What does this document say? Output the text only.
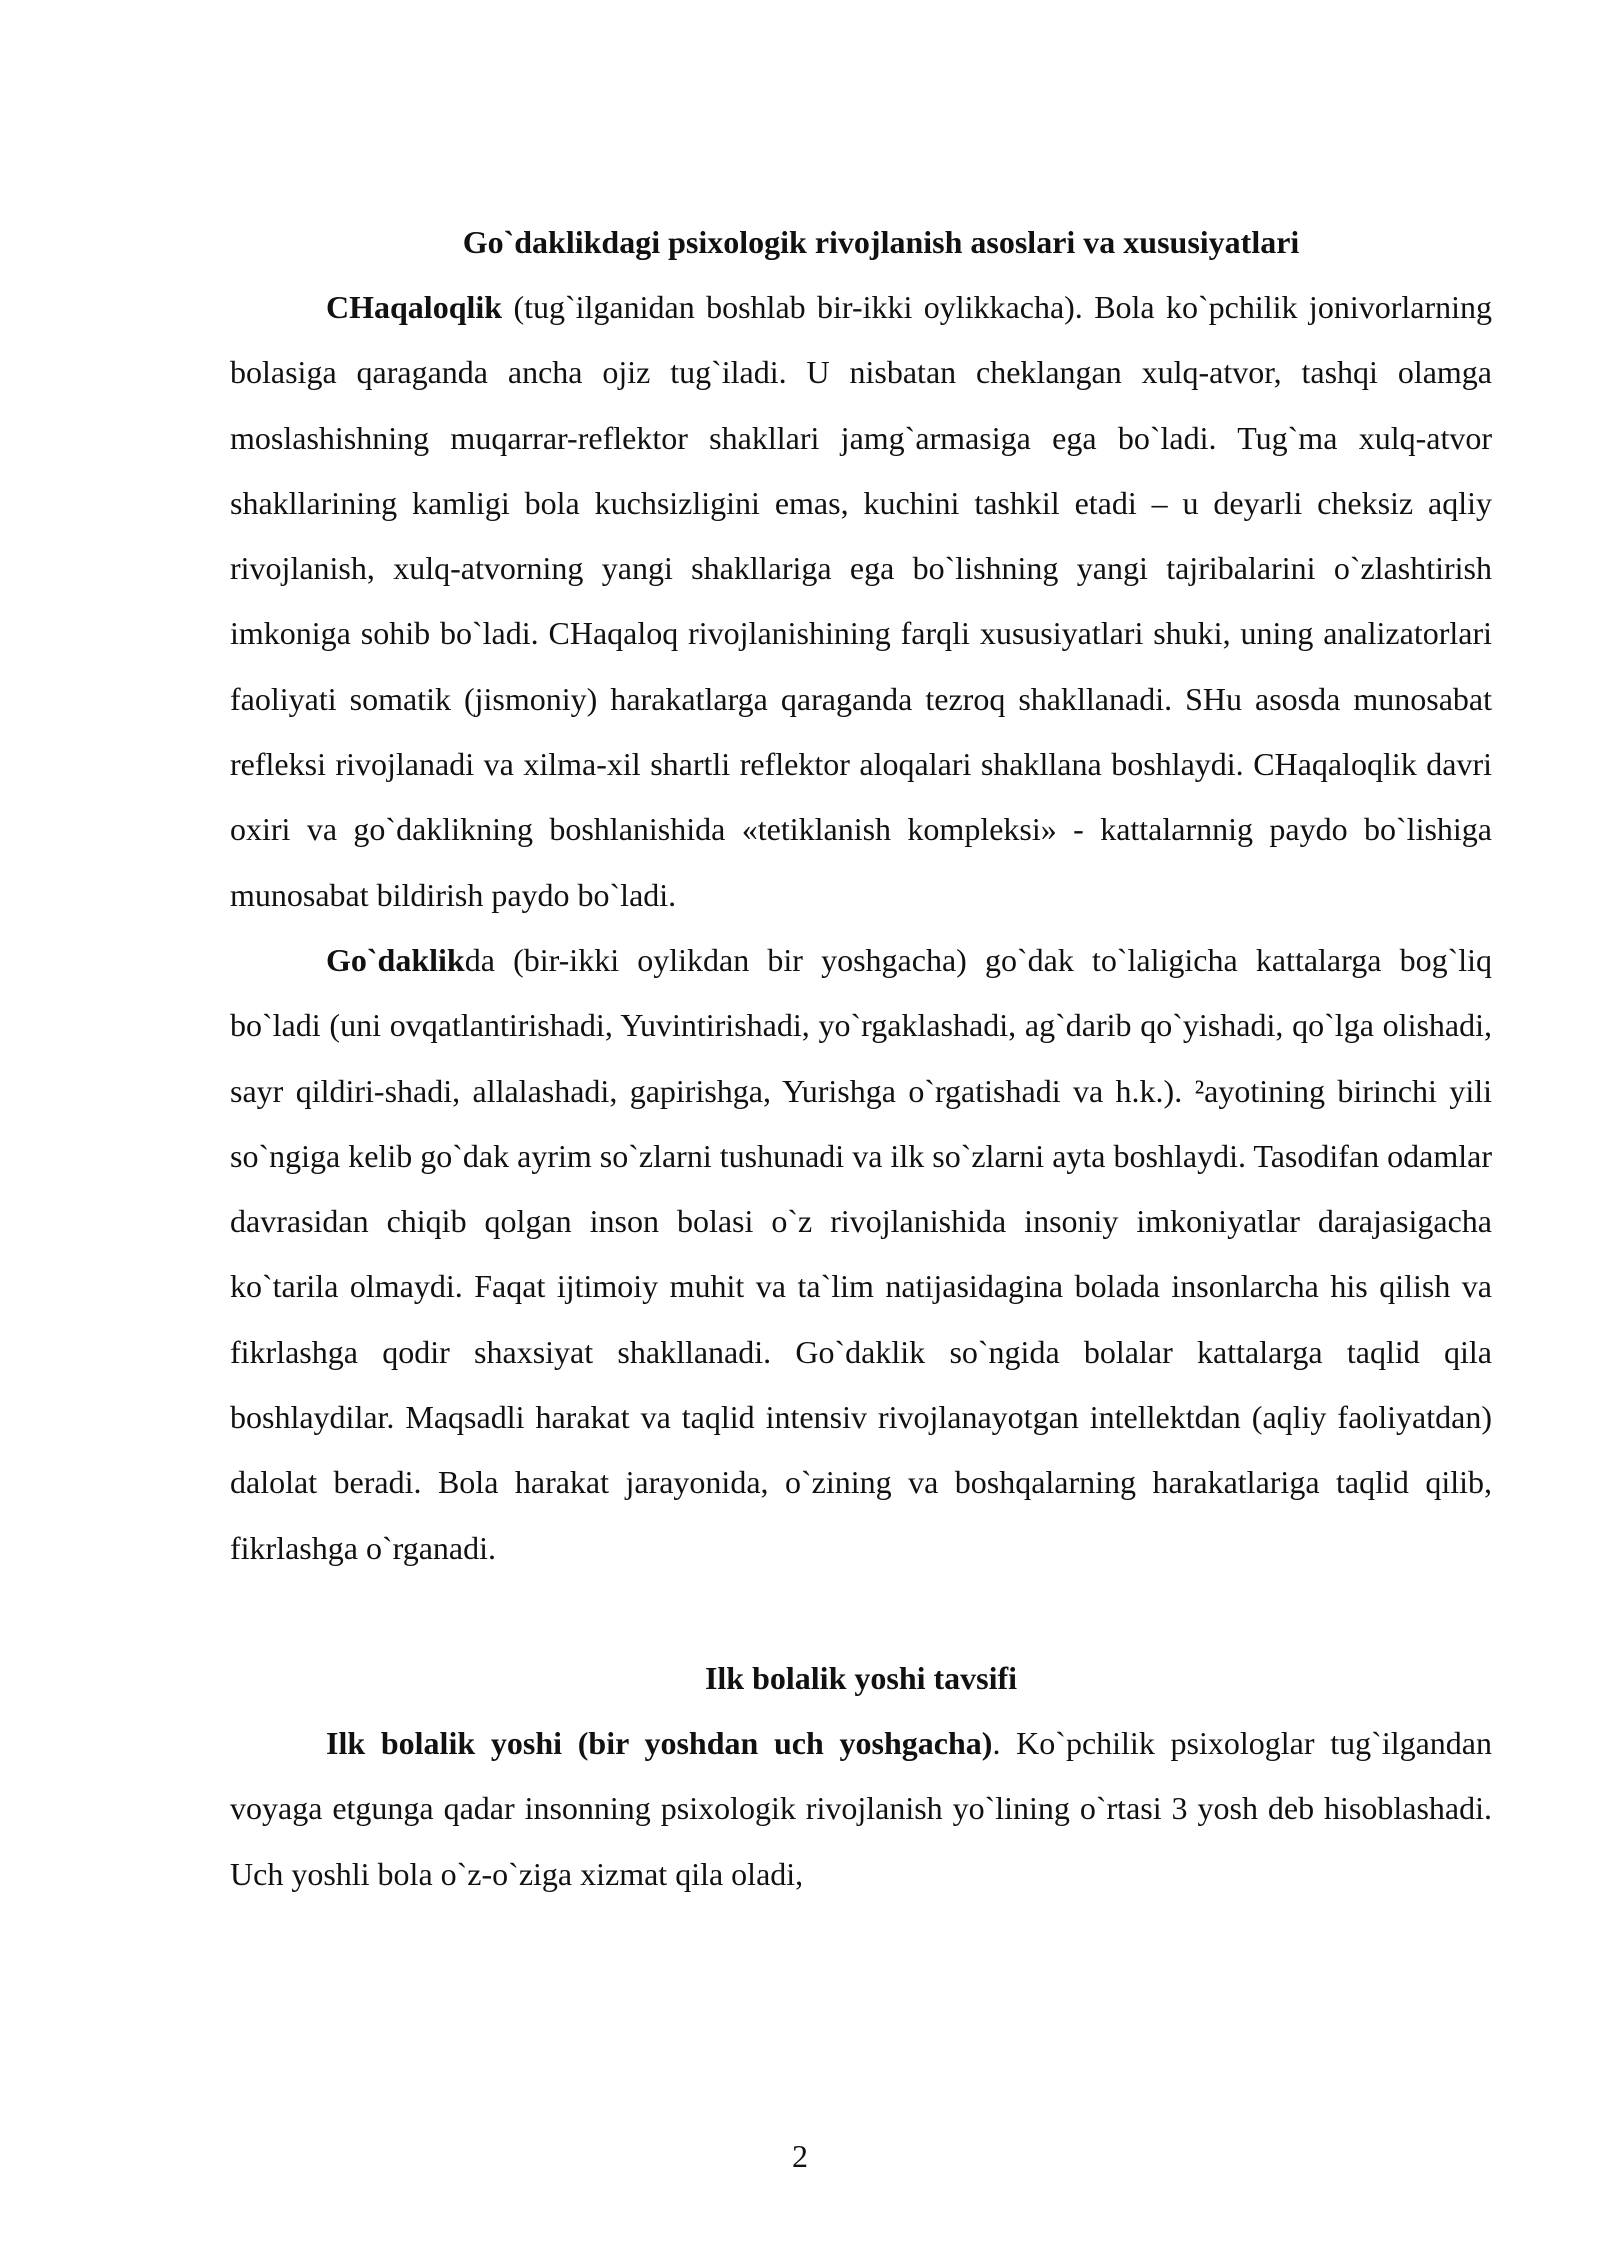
Go`daklikdagi psixologik rivojlanish asoslari va xususiyatlari

CHaqaloqlik (tug`ilganidan boshlab bir-ikki oylikkacha). Bola ko`pchilik jonivorlarning bolasiga qaraganda ancha ojiz tug`iladi. U nisbatan cheklangan xulq-atvor, tashqi olamga moslashishning muqarrar-reflektor shakllari jamg`armasiga ega bo`ladi. Tug`ma xulq-atvor shakllarining kamligi bola kuchsizligini emas, kuchini tashkil etadi – u deyarli cheksiz aqliy rivojlanish, xulq-atvorning yangi shakllariga ega bo`lishning yangi tajribalarini o`zlashtirish imkoniga sohib bo`ladi. CHaqaloq rivojlanishining farqli xususiyatlari shuki, uning analizatorlari faoliyati somatik (jismoniy) harakatlarga qaraganda tezroq shakllanadi. SHu asosda munosabat refleksi rivojlanadi va xilma-xil shartli reflektor aloqalari shakllana boshlaydi. CHaqaloqlik davri oxiri va go`daklikning boshlanishida «tetiklanish kompleksi» - kattalarnnig paydo bo`lishiga munosabat bildirish paydo bo`ladi.

Go`daklikda (bir-ikki oylikdan bir yoshgacha) go`dak to`laligicha kattalarga bog`liq bo`ladi (uni ovqatlantirishadi, Yuvintirishadi, yo`rgaklashadi, ag`darib qo`yishadi, qo`lga olishadi, sayr qildiri-shadi, allalashadi, gapirishga, Yurishga o`rgatishadi va h.k.). ²ayotining birinchi yili so`ngiga kelib go`dak ayrim so`zlarni tushunadi va ilk so`zlarni ayta boshlaydi. Tasodifan odamlar davrasidan chiqib qolgan inson bolasi o`z rivojlanishida insoniy imkoniyatlar darajasigacha ko`tarila olmaydi. Faqat ijtimoiy muhit va ta`lim natijasidagina bolada insonlarcha his qilish va fikrlashga qodir shaxsiyat shakllanadi. Go`daklik so`ngida bolalar kattalarga taqlid qila boshlaydilar. Maqsadli harakat va taqlid intensiv rivojlanayotgan intellektdan (aqliy faoliyatdan) dalolat beradi. Bola harakat jarayonida, o`zining va boshqalarning harakatlariga taqlid qilib, fikrlashga o`rganadi.

Ilk bolalik yoshi tavsifi

Ilk bolalik yoshi (bir yoshdan uch yoshgacha). Ko`pchilik psixologlar tug`ilgandan voyaga etgunga qadar insonning psixologik rivojlanish yo`lining o`rtasi 3 yosh deb hisoblashadi. Uch yoshli bola o`z-o`ziga xizmat qila oladi,

2
